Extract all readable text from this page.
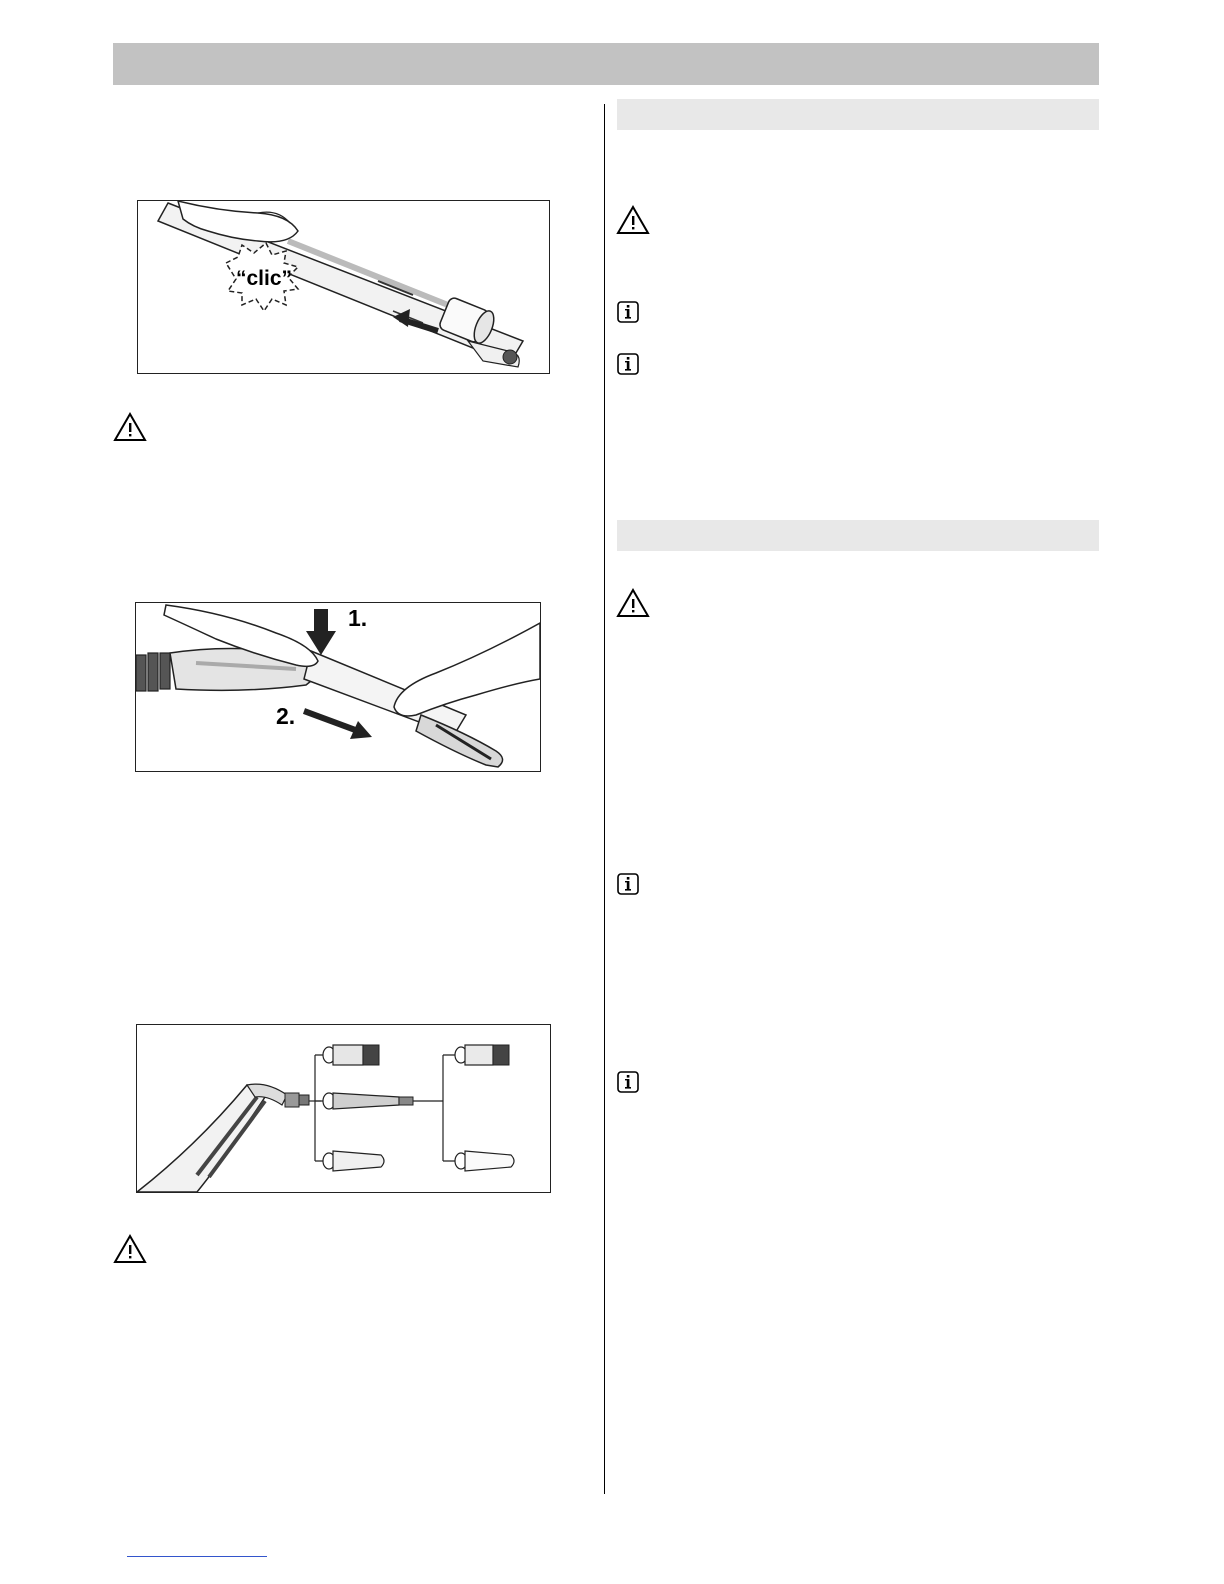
“clic”
1.
2.
